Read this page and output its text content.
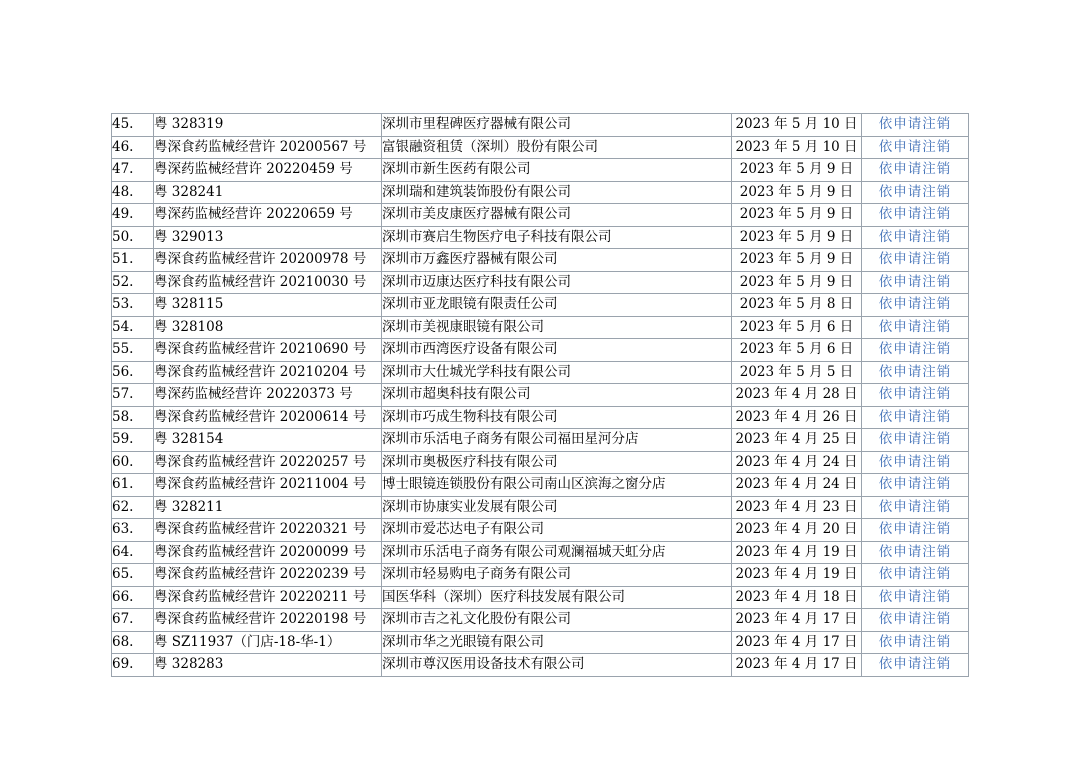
45.	粤 328319	深圳市里程碑医疗器械有限公司	2023 年 5 月 10 日	依申请注销
46.	粤深食药监械经营许 20200567 号	富银融资租赁（深圳）股份有限公司	2023 年 5 月 10 日	依申请注销
47.	粤深药监械经营许 20220459 号	深圳市新生医药有限公司	2023 年 5 月 9 日	依申请注销
48.	粤 328241	深圳瑞和建筑装饰股份有限公司	2023 年 5 月 9 日	依申请注销
49.	粤深药监械经营许 20220659 号	深圳市美皮康医疗器械有限公司	2023 年 5 月 9 日	依申请注销
50.	粤 329013	深圳市赛启生物医疗电子科技有限公司	2023 年 5 月 9 日	依申请注销
51.	粤深食药监械经营许 20200978 号	深圳市万鑫医疗器械有限公司	2023 年 5 月 9 日	依申请注销
52.	粤深食药监械经营许 20210030 号	深圳市迈康达医疗科技有限公司	2023 年 5 月 9 日	依申请注销
53.	粤 328115	深圳市亚龙眼镜有限责任公司	2023 年 5 月 8 日	依申请注销
54.	粤 328108	深圳市美视康眼镜有限公司	2023 年 5 月 6 日	依申请注销
55.	粤深食药监械经营许 20210690 号	深圳市西湾医疗设备有限公司	2023 年 5 月 6 日	依申请注销
56.	粤深食药监械经营许 20210204 号	深圳市大仕城光学科技有限公司	2023 年 5 月 5 日	依申请注销
57.	粤深药监械经营许 20220373 号	深圳市超奥科技有限公司	2023 年 4 月 28 日	依申请注销
58.	粤深食药监械经营许 20200614 号	深圳市巧成生物科技有限公司	2023 年 4 月 26 日	依申请注销
59.	粤 328154	深圳市乐活电子商务有限公司福田星河分店	2023 年 4 月 25 日	依申请注销
60.	粤深食药监械经营许 20220257 号	深圳市奥极医疗科技有限公司	2023 年 4 月 24 日	依申请注销
61.	粤深食药监械经营许 20211004 号	博士眼镜连锁股份有限公司南山区滨海之窗分店	2023 年 4 月 24 日	依申请注销
62.	粤 328211	深圳市协康实业发展有限公司	2023 年 4 月 23 日	依申请注销
63.	粤深食药监械经营许 20220321 号	深圳市爱芯达电子有限公司	2023 年 4 月 20 日	依申请注销
64.	粤深食药监械经营许 20200099 号	深圳市乐活电子商务有限公司观澜福城天虹分店	2023 年 4 月 19 日	依申请注销
65.	粤深食药监械经营许 20220239 号	深圳市轻易购电子商务有限公司	2023 年 4 月 19 日	依申请注销
66.	粤深食药监械经营许 20220211 号	国医华科（深圳）医疗科技发展有限公司	2023 年 4 月 18 日	依申请注销
67.	粤深食药监械经营许 20220198 号	深圳市吉之礼文化股份有限公司	2023 年 4 月 17 日	依申请注销
68.	粤 SZ11937（门店-18-华-1）	深圳市华之光眼镜有限公司	2023 年 4 月 17 日	依申请注销
69.	粤 328283	深圳市尊汉医用设备技术有限公司	2023 年 4 月 17 日	依申请注销
